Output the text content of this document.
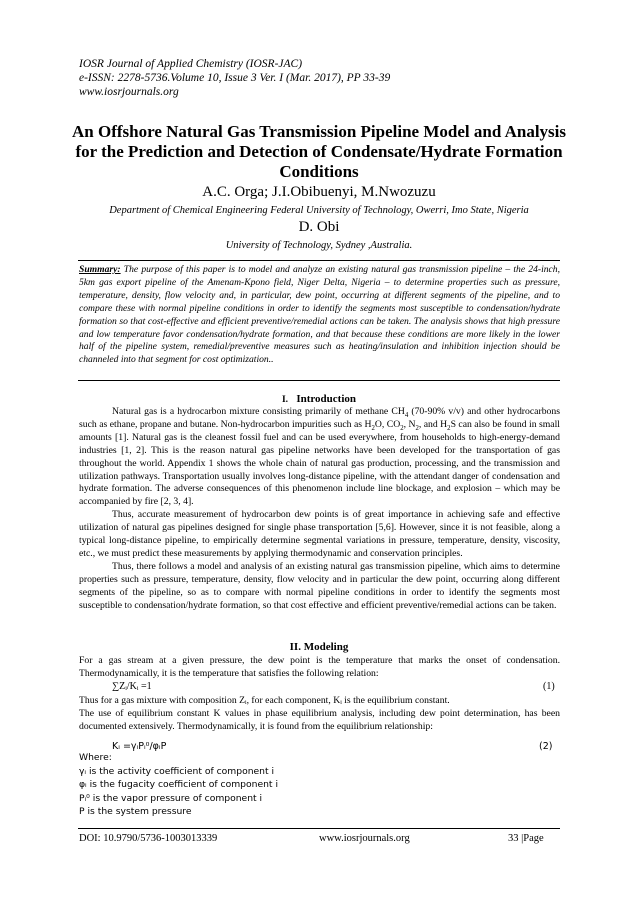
IOSR Journal of Applied Chemistry (IOSR-JAC)
e-ISSN: 2278-5736.Volume 10, Issue 3 Ver. I (Mar. 2017), PP 33-39
www.iosrjournals.org
An Offshore Natural Gas Transmission Pipeline Model and Analysis for the Prediction and Detection of Condensate/Hydrate Formation Conditions
A.C. Orga; J.I.Obibuenyi, M.Nwozuzu
Department of Chemical Engineering Federal University of Technology, Owerri, Imo State, Nigeria
D. Obi
University of Technology, Sydney ,Australia.
Summary: The purpose of this paper is to model and analyze an existing natural gas transmission pipeline – the 24-inch, 5km gas export pipeline of the Amenam-Kpono field, Niger Delta, Nigeria – to determine properties such as pressure, temperature, density, flow velocity and, in particular, dew point, occurring at different segments of the pipeline, and to compare these with normal pipeline conditions in order to identify the segments most susceptible to condensation/hydrate formation so that cost-effective and efficient preventive/remedial actions can be taken. The analysis shows that high pressure and low temperature favor condensation/hydrate formation, and that because these conditions are more likely in the lower half of the pipeline system, remedial/preventive measures such as heating/insulation and inhibition injection should be channeled into that segment for cost optimization..
I. Introduction

Natural gas is a hydrocarbon mixture consisting primarily of methane $CH_4$ (70-90% v/v) and other hydrocarbons such as ethane, propane and butane. Non-hydrocarbon impurities such as $H_2O$, $CO_2$, $N_2$, and $H_2S$ can also be found in small amounts [1]. Natural gas is the cleanest fossil fuel and can be used everywhere, from households to high-energy-demand industries [1, 2]. This is the reason natural gas pipeline networks have been developed for the transportation of gas throughout the world. Appendix 1 shows the whole chain of natural gas production, processing, and the transmission and utilization pathways. Transportation usually involves long-distance pipeline, with the attendant danger of condensation and hydrate formation. The adverse consequences of this phenomenon include line blockage, and explosion – which may be accompanied by fire [2, 3, 4].

Thus, accurate measurement of hydrocarbon dew points is of great importance in achieving safe and effective utilization of natural gas pipelines designed for single phase transportation [5,6]. However, since it is not feasible, along a typical long-distance pipeline, to empirically determine segmental variations in pressure, temperature, density, viscosity, etc., we must predict these measurements by applying thermodynamic and conservation principles.

Thus, there follows a model and analysis of an existing natural gas transmission pipeline, which aims to determine properties such as pressure, temperature, density, flow velocity and in particular the dew point, occurring along different segments of the pipeline, so as to compare with normal pipeline conditions in order to identify the segments most susceptible to condensation/hydrate formation, so that cost effective and efficient preventive/remedial actions can be taken.

II. Modeling
For a gas stream at a given pressure, the dew point is the temperature that marks the onset of condensation. Thermodynamically, it is the temperature that satisfies the following relation:
∑Zᵢ/Kᵢ =1	(1)
Thus for a gas mixture with composition Zᵢ, for each component, Kᵢ is the equilibrium constant.
The use of equilibrium constant K values in phase equilibrium analysis, including dew point determination, has been documented extensively. Thermodynamically, it is found from the equilibrium relationship:
Kᵢ =γᵢPᵢ⁰/φᵢP	(2)
Where:
γᵢ is the activity coefficient of component i
φᵢ is the fugacity coefficient of component i
Pᵢ⁰ is the vapor pressure of component i
P is the system pressure
DOI: 10.9790/5736-1003013339	www.iosrjournals.org	33 |Page
